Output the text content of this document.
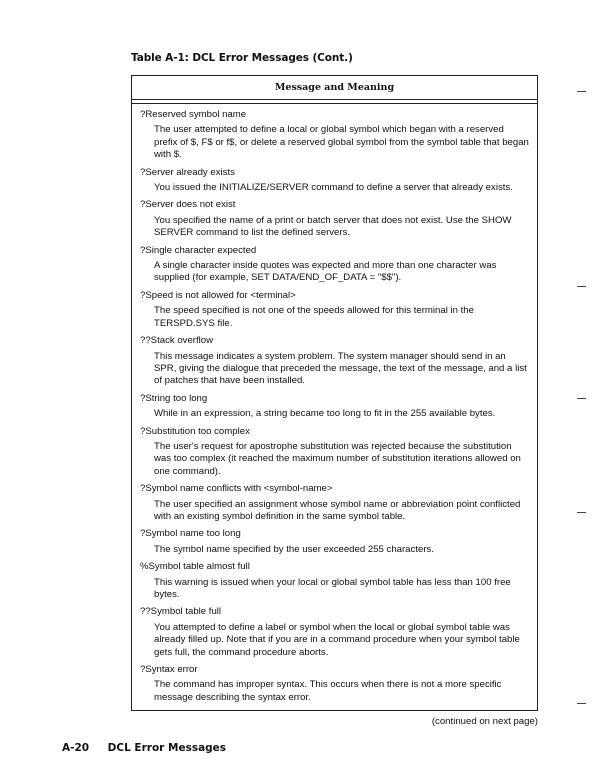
Table A-1: DCL Error Messages (Cont.)
Message and Meaning
?Reserved symbol name
The user attempted to define a local or global symbol which began with a reserved prefix of $, F$ or f$, or delete a reserved global symbol from the symbol table that began with $.
?Server already exists
You issued the INITIALIZE/SERVER command to define a server that already exists.
?Server does not exist
You specified the name of a print or batch server that does not exist. Use the SHOW SERVER command to list the defined servers.
?Single character expected
A single character inside quotes was expected and more than one character was supplied (for example, SET DATA/END_OF_DATA = "$$").
?Speed is not allowed for <terminal>
The speed specified is not one of the speeds allowed for this terminal in the TERSPD.SYS file.
??Stack overflow
This message indicates a system problem. The system manager should send in an SPR, giving the dialogue that preceded the message, the text of the message, and a list of patches that have been installed.
?String too long
While in an expression, a string became too long to fit in the 255 available bytes.
?Substitution too complex
The user's request for apostrophe substitution was rejected because the substitution was too complex (it reached the maximum number of substitution iterations allowed on one command).
?Symbol name conflicts with <symbol-name>
The user specified an assignment whose symbol name or abbreviation point conflicted with an existing symbol definition in the same symbol table.
?Symbol name too long
The symbol name specified by the user exceeded 255 characters.
%Symbol table almost full
This warning is issued when your local or global symbol table has less than 100 free bytes.
??Symbol table full
You attempted to define a label or symbol when the local or global symbol table was already filled up. Note that if you are in a command procedure when your symbol table gets full, the command procedure aborts.
?Syntax error
The command has improper syntax. This occurs when there is not a more specific message describing the syntax error.
(continued on next page)
A-20 DCL Error Messages
